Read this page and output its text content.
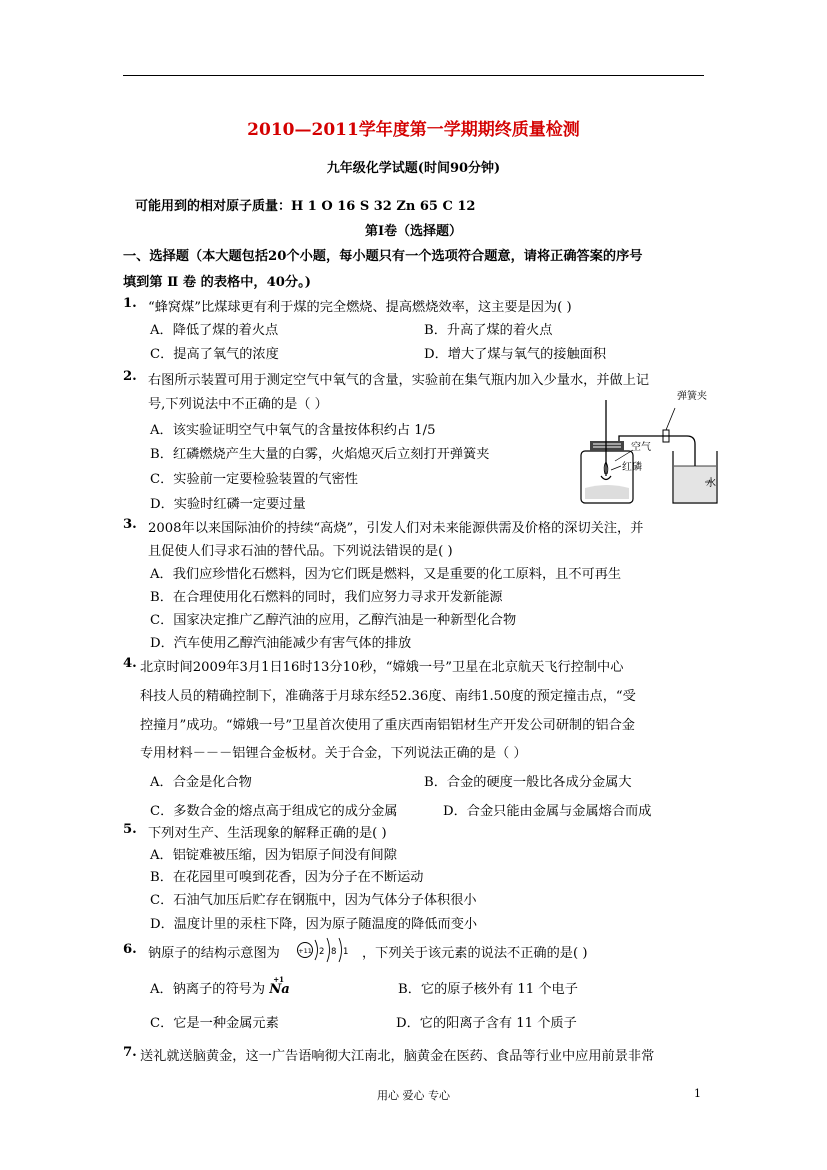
2010—2011学年度第一学期期终质量检测
九年级化学试题(时间90分钟)
可能用到的相对原子质量：H 1 O 16 S 32 Zn 65 C 12
第Ⅰ卷（选择题）
一、选择题（本大题包括20个小题，每小题只有一个选项符合题意，请将正确答案的序号
填到第 Ⅱ 卷 的表格中，40分。)
1. “蜂窝煤”比煤球更有利于煤的完全燃烧、提高燃烧效率，这主要是因为( )
A．降低了煤的着火点	B．升高了煤的着火点
C．提高了氧气的浓度	D．增大了煤与氧气的接触面积
2. 右图所示装置可用于测定空气中氧气的含量，实验前在集气瓶内加入少量水，并做上记
号,下列说法中不正确的是（ ）
A．该实验证明空气中氧气的含量按体积约占 1/5
B．红磷燃烧产生大量的白雾，火焰熄灭后立刻打开弹簧夹
C．实验前一定要检验装置的气密性
D．实验时红磷一定要过量
弹簧夹
空气
红磷
水
3. 2008年以来国际油价的持续“高烧”，引发人们对未来能源供需及价格的深切关注，并
且促使人们寻求石油的替代品。下列说法错误的是( )
A．我们应珍惜化石燃料，因为它们既是燃料，又是重要的化工原料，且不可再生
B．在合理使用化石燃料的同时，我们应努力寻求开发新能源
C．国家决定推广乙醇汽油的应用，乙醇汽油是一种新型化合物
D．汽车使用乙醇汽油能减少有害气体的排放
4. 北京时间2009年3月1日16时13分10秒，“嫦娥一号”卫星在北京航天飞行控制中心
科技人员的精确控制下，准确落于月球东经52.36度、南纬1.50度的预定撞击点，“受
控撞月”成功。“嫦娥一号”卫星首次使用了重庆西南铝铝材生产开发公司研制的铝合金
专用材料－－－铝锂合金板材。关于合金，下列说法正确的是（ ）
A．合金是化合物	B．合金的硬度一般比各成分金属大
C．多数合金的熔点高于组成它的成分金属	D．合金只能由金属与金属熔合而成
5. 下列对生产、生活现象的解释正确的是( )
A．铝锭难被压缩，因为铝原子间没有间隙
B．在花园里可嗅到花香，因为分子在不断运动
C．石油气加压后贮存在钢瓶中，因为气体分子体积很小
D．温度计里的汞柱下降，因为原子随温度的降低而变小
6. 钠原子的结构示意图为	+11 2 8 1 ，下列关于该元素的说法不正确的是( )
A．钠离子的符号为
+1
Na	B．它的原子核外有 11 个电子
C．它是一种金属元素	D．它的阳离子含有 11 个质子
7. 送礼就送脑黄金，这一广告语响彻大江南北，脑黄金在医药、食品等行业中应用前景非常
用心 爱心 专心	1
